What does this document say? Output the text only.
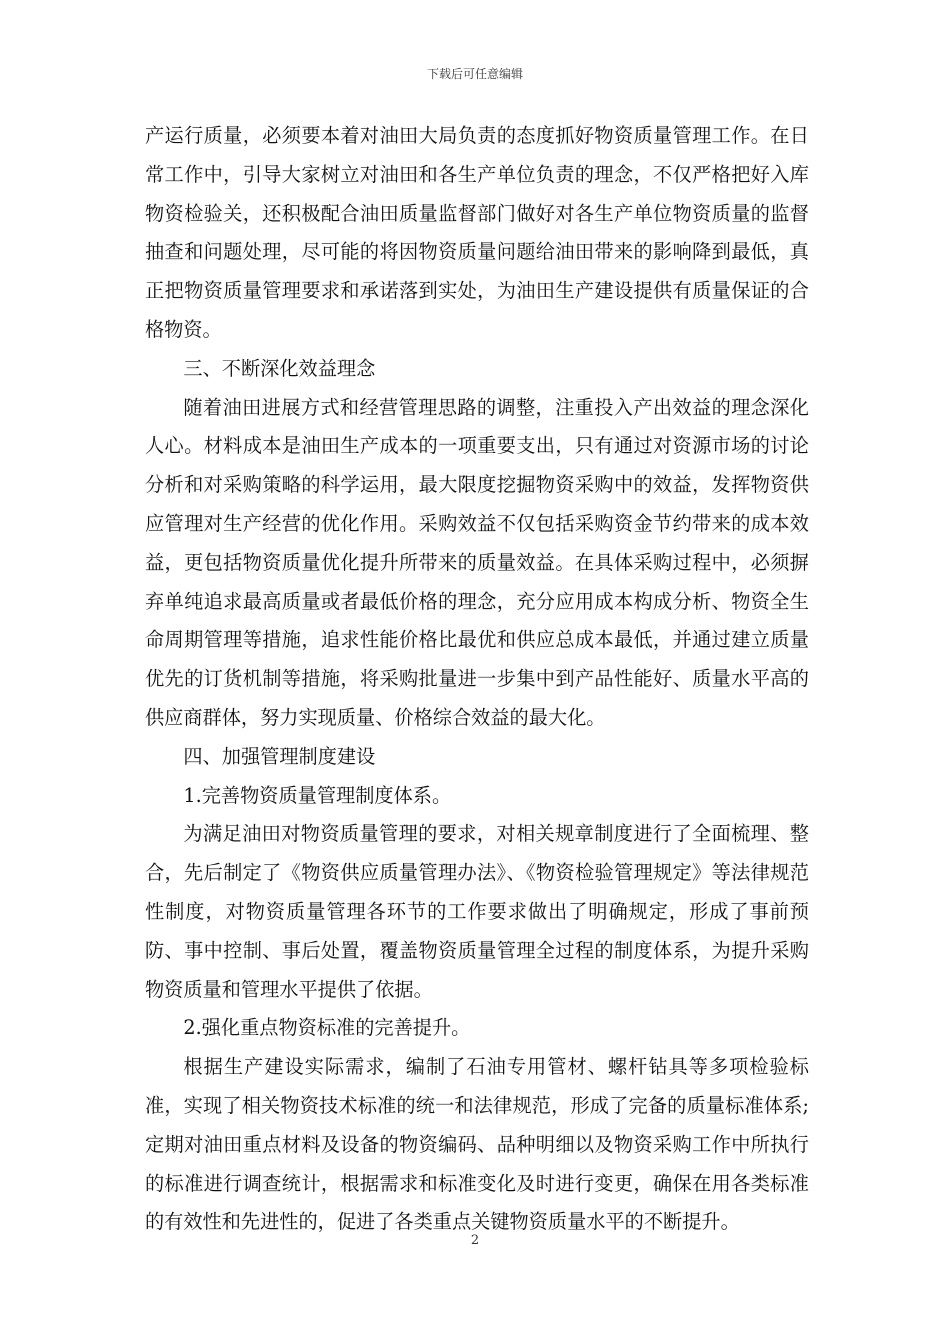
下载后可任意编辑

产运行质量，必须要本着对油田大局负责的态度抓好物资质量管理工作。在日常工作中，引导大家树立对油田和各生产单位负责的理念，不仅严格把好入库物资检验关，还积极配合油田质量监督部门做好对各生产单位物资质量的监督抽查和问题处理，尽可能的将因物资质量问题给油田带来的影响降到最低，真正把物资质量管理要求和承诺落到实处，为油田生产建设提供有质量保证的合格物资。

三、不断深化效益理念

随着油田进展方式和经营管理思路的调整，注重投入产出效益的理念深化人心。材料成本是油田生产成本的一项重要支出，只有通过对资源市场的讨论分析和对采购策略的科学运用，最大限度挖掘物资采购中的效益，发挥物资供应管理对生产经营的优化作用。采购效益不仅包括采购资金节约带来的成本效益，更包括物资质量优化提升所带来的质量效益。在具体采购过程中，必须摒弃单纯追求最高质量或者最低价格的理念，充分应用成本构成分析、物资全生命周期管理等措施，追求性能价格比最优和供应总成本最低，并通过建立质量优先的订货机制等措施，将采购批量进一步集中到产品性能好、质量水平高的供应商群体，努力实现质量、价格综合效益的最大化。

四、加强管理制度建设

1.完善物资质量管理制度体系。

为满足油田对物资质量管理的要求，对相关规章制度进行了全面梳理、整合，先后制定了《物资供应质量管理办法》、《物资检验管理规定》等法律规范性制度，对物资质量管理各环节的工作要求做出了明确规定，形成了事前预防、事中控制、事后处置，覆盖物资质量管理全过程的制度体系，为提升采购物资质量和管理水平提供了依据。

2.强化重点物资标准的完善提升。

根据生产建设实际需求，编制了石油专用管材、螺杆钻具等多项检验标准，实现了相关物资技术标准的统一和法律规范，形成了完备的质量标准体系;定期对油田重点材料及设备的物资编码、品种明细以及物资采购工作中所执行的标准进行调查统计，根据需求和标准变化及时进行变更，确保在用各类标准的有效性和先进性的，促进了各类重点关键物资质量水平的不断提升。

2
